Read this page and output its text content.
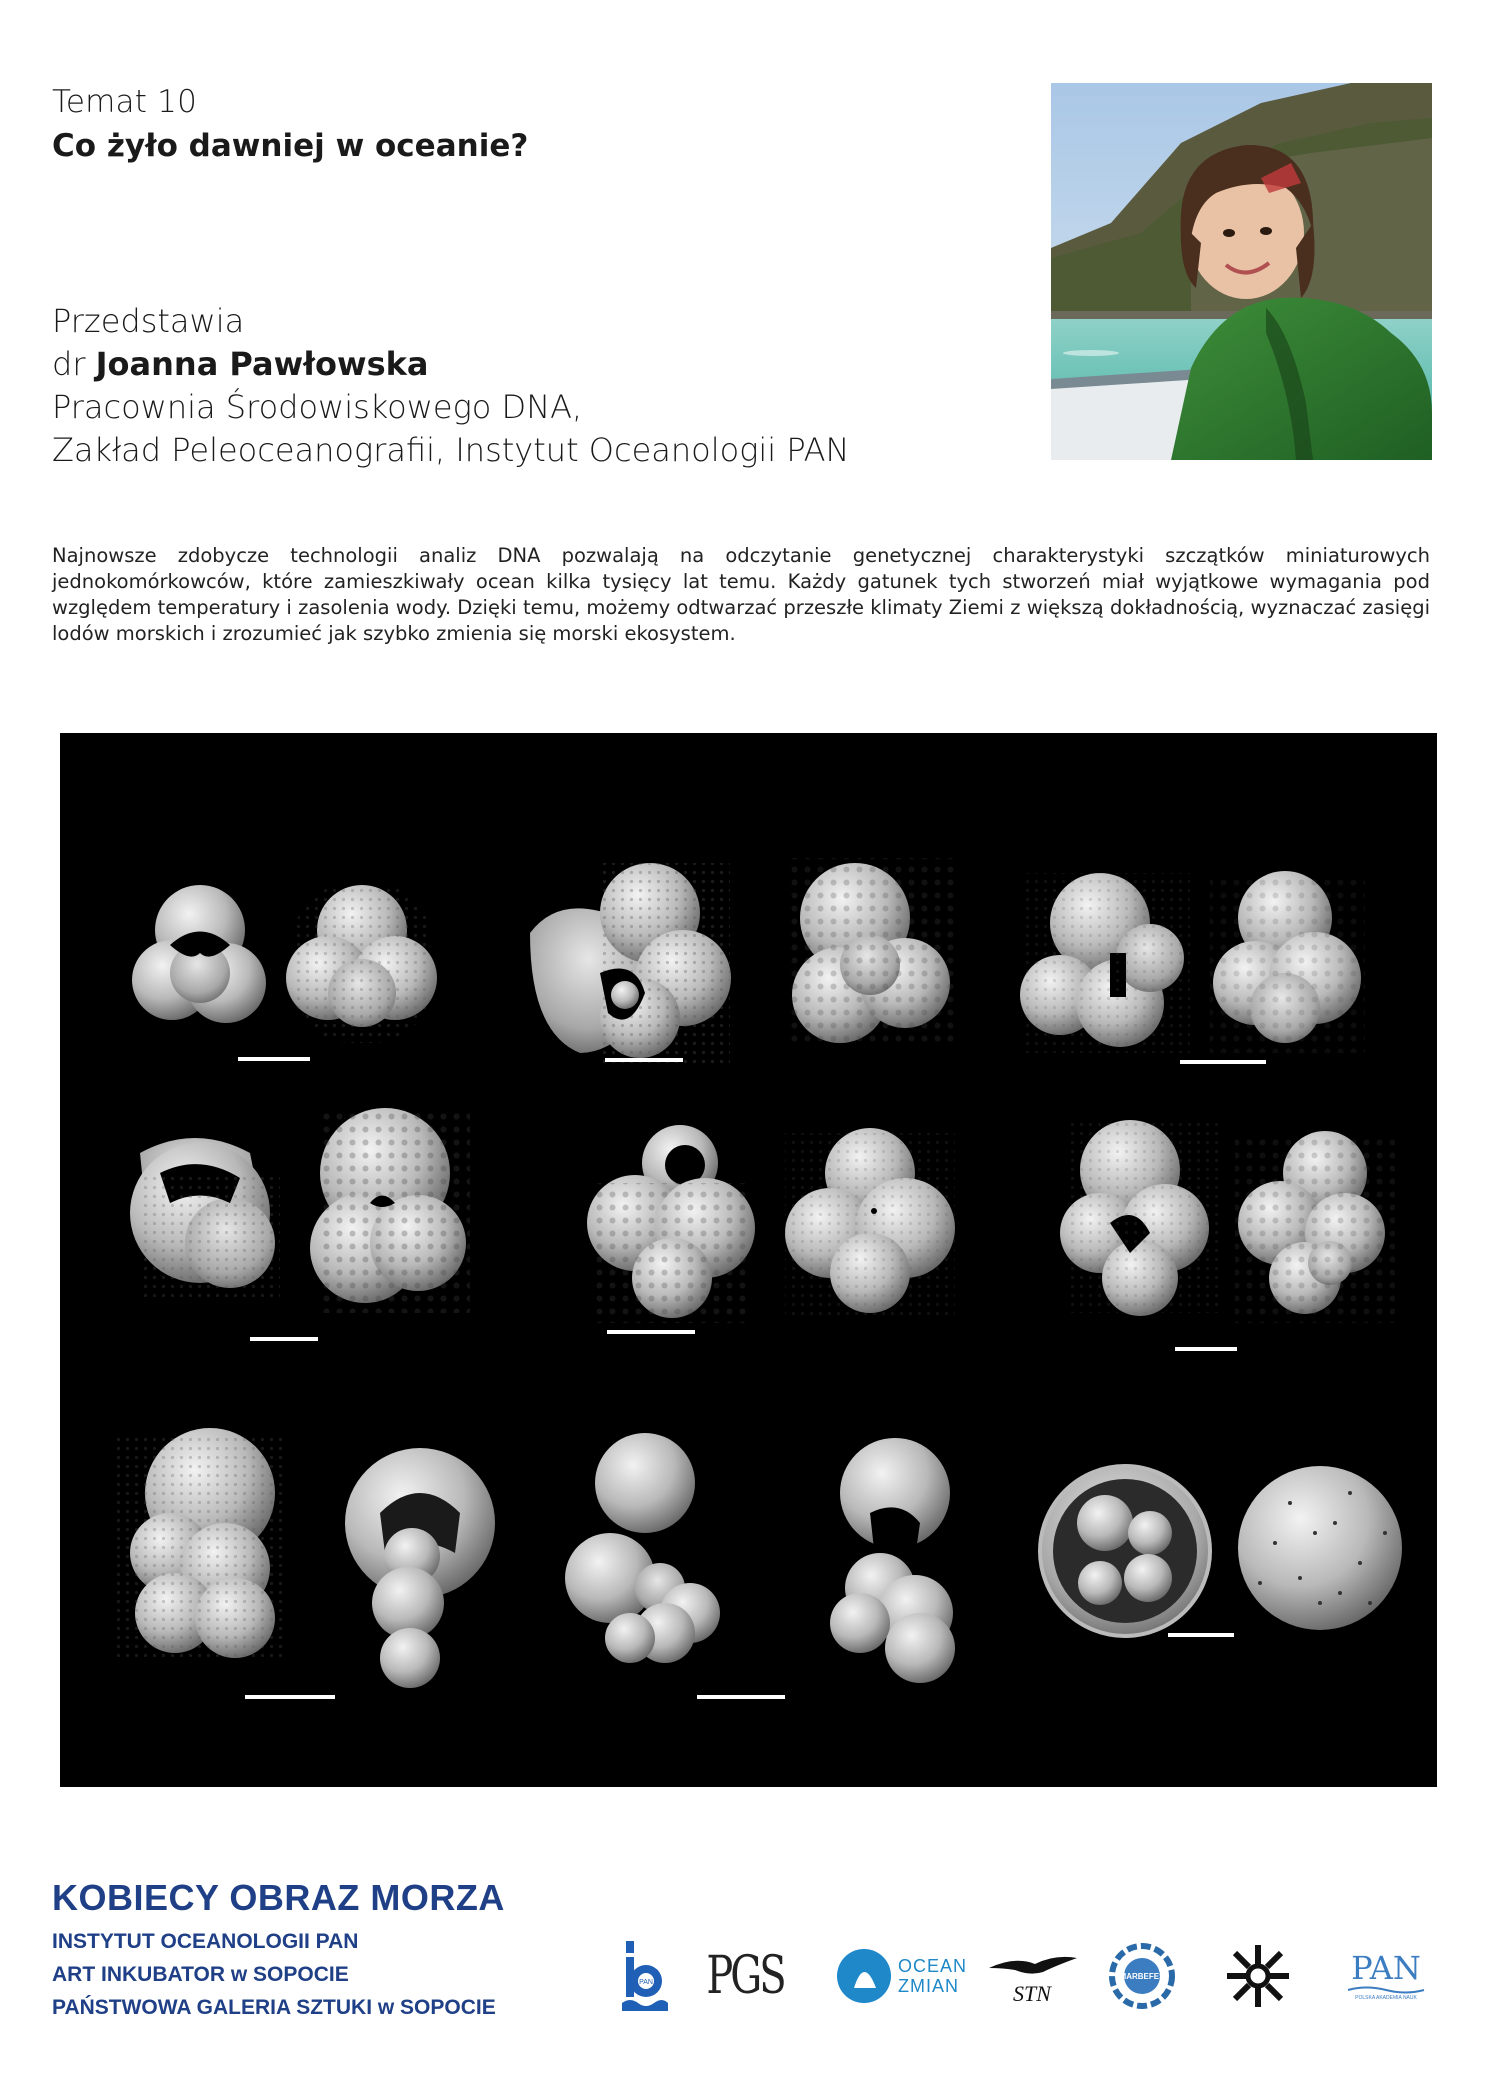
Temat 10
Co żyło dawniej w oceanie?
Przedstawia
dr Joanna Pawłowska
Pracownia Środowiskowego DNA,
Zakład Peleoceanografii, Instytut Oceanologii PAN
Najnowsze zdobycze technologii analiz DNA pozwalają na odczytanie genetycznej charakterystyki szczątków miniaturowych jednokomórkowców, które zamieszkiwały ocean kilka tysięcy lat temu. Każdy gatunek tych stworzeń miał wyjątkowe wymagania pod względem temperatury i zasolenia wody. Dzięki temu, możemy odtwarzać przeszłe klimaty Ziemi z większą dokładnością, wyznaczać zasięgi lodów morskich i zrozumieć jak szybko zmienia się morski ekosystem.
KOBIECY OBRAZ MORZA
INSTYTUT OCEANOLOGII PAN
ART INKUBATOR w SOPOCIE
PAŃSTWOWA GALERIA SZTUKI w SOPOCIE
PAN PGS	OCEAN
ZMIAN	STN
MARBEFES	PAN
POLSKA AKADEMIA NAUK
